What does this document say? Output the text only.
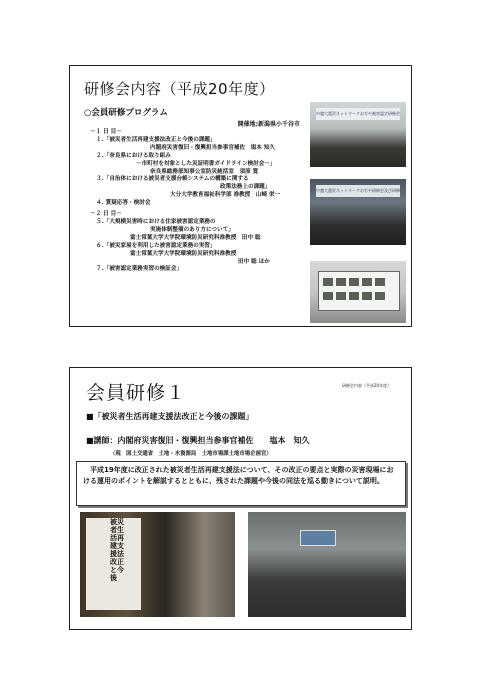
研修会内容（平成20年度）
○会員研修プログラム
開催地:新潟県小千谷市
－１ 日 目－
１.「被災者生活再建支援法改正と今後の課題」
内閣府災害復旧・復興担当参事官補佐　塩本 知久
２.「奈良県における取り組み
－市町村を対象とした災証明書ガイドライン検討会－」
奈良県総務部知事公室防災統括室　須原 寛
３.「自治体における被災者支援台帳システムの構築に関する
政策法務上の課題」
大分大学教育福祉科学部 准教授　山崎 栄一
４. 質疑応答・検討会
－２ 日 目－
５.「大規模災害時における住家被害認定業務の
実施体制整備のあり方について」
富士常葉大学大学院環境防災研究科准教授　田中 聡
６.「被災家屋を利用した被害認定業務の実習」
富士常葉大学大学院環境防災研究科准教授
田中 聡 ほか
７.「被害認定業務実習の検証会」
中越大震災ネットワークおぢや被害認定研修会
中越大震災ネットワークおぢや研修会及び研修
会員研修１	研修会内容（平成20年度）
■「被災者生活再建支援法改正と今後の課題」
■講師：内閣府災害復旧・復興担当参事官補佐　　塩本　知久
（現　国土交通省　土地・水資源局　土地市場課土地市場企画官）
　平成19年度に改正された被災者生活再建支援法について、その改正の要点と実際の災害現場における運用のポイントを解説するとともに、残された課題や今後の同法を巡る動きについて説明。
被災者生活再建支援法改正と今後
